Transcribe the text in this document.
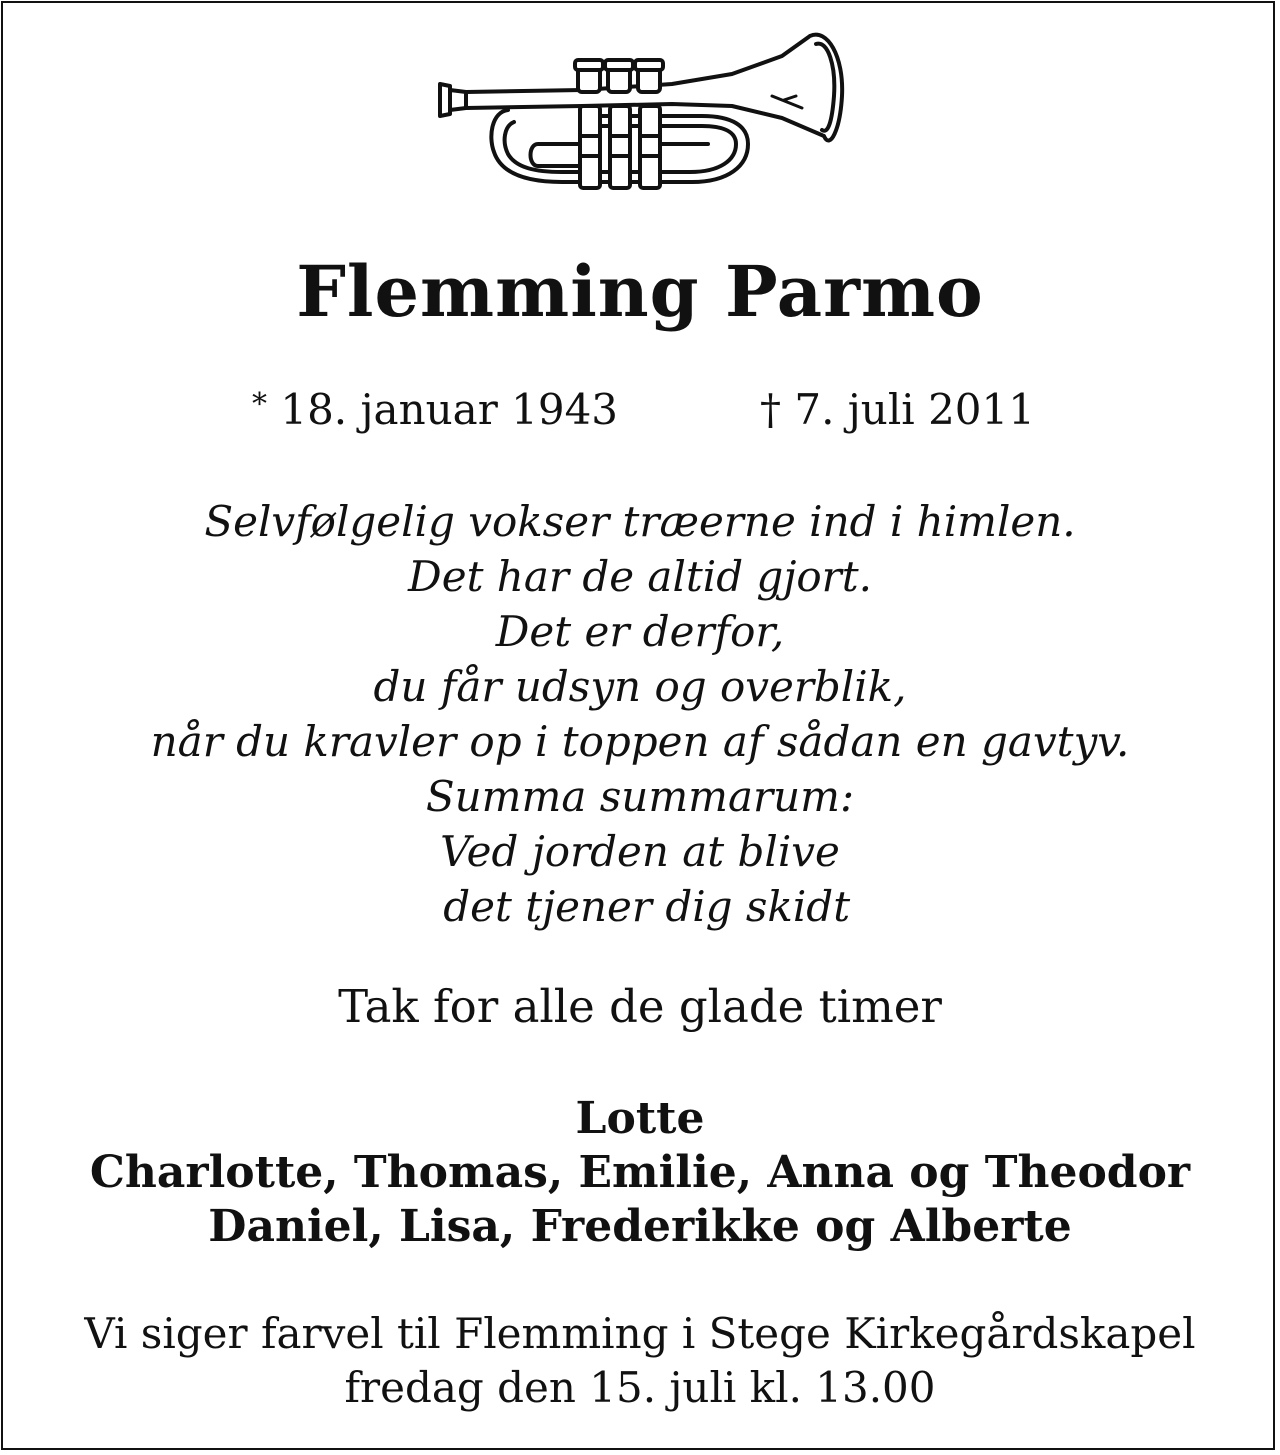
Flemming Parmo
* 18. januar 1943	† 7. juli 2011
Selvfølgelig vokser træerne ind i himlen.
Det har de altid gjort.
Det er derfor,
du får udsyn og overblik,
når du kravler op i toppen af sådan en gavtyv.
Summa summarum:
Ved jorden at blive
det tjener dig skidt
Tak for alle de glade timer
Lotte
Charlotte, Thomas, Emilie, Anna og Theodor
Daniel, Lisa, Frederikke og Alberte
Vi siger farvel til Flemming i Stege Kirkegårdskapel
fredag den 15. juli kl. 13.00
